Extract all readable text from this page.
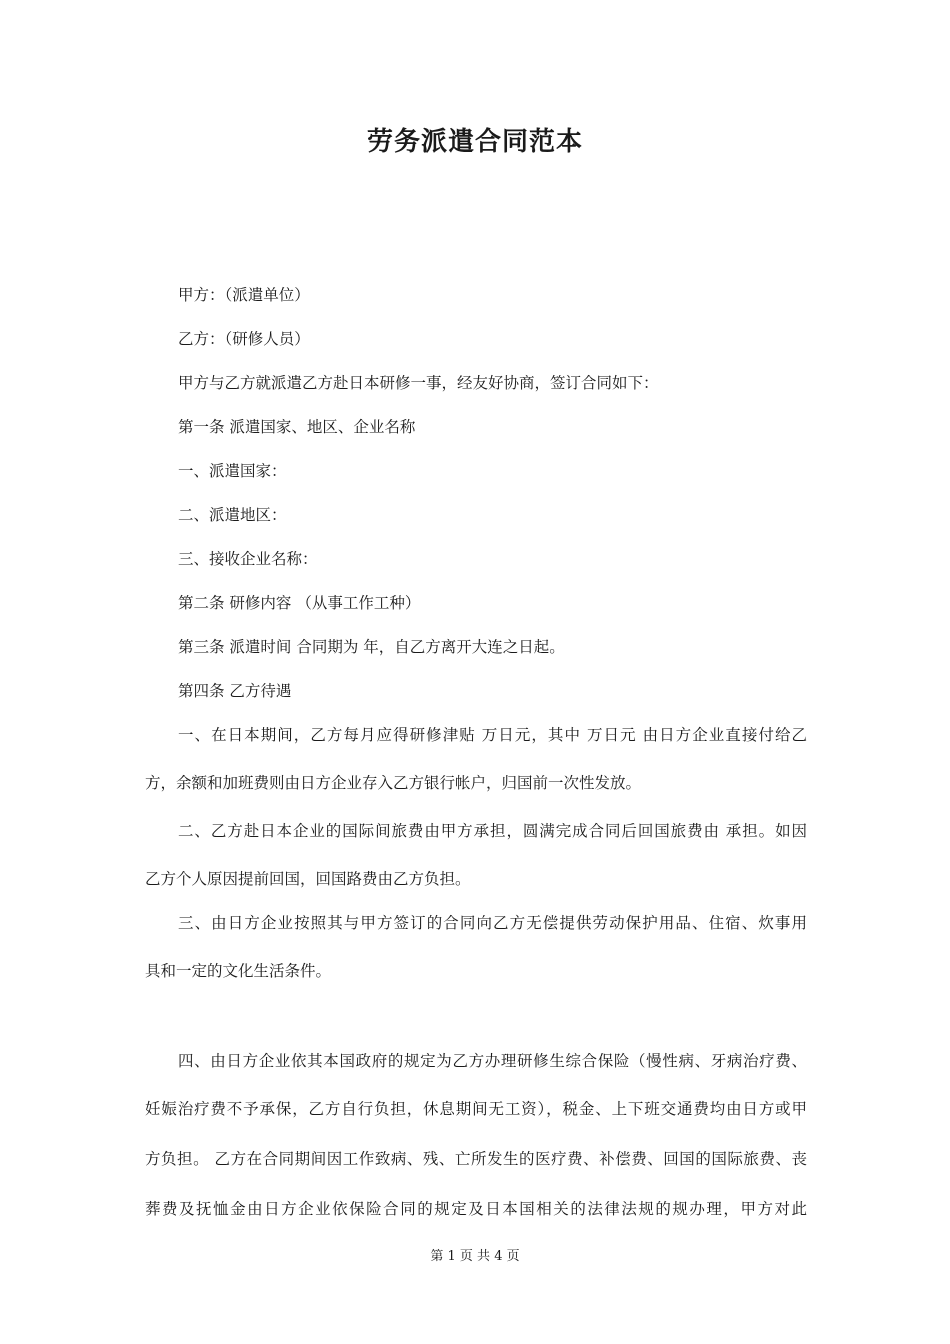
劳务派遣合同范本
甲方：（派遣单位）
乙方：（研修人员）
甲方与乙方就派遣乙方赴日本研修一事，经友好协商，签订合同如下：
第一条 派遣国家、地区、企业名称
一、派遣国家：
二、派遣地区：
三、接收企业名称：
第二条 研修内容 （从事工作工种）
第三条 派遣时间 合同期为 年，自乙方离开大连之日起。
第四条 乙方待遇
一、在日本期间，乙方每月应得研修津贴 万日元，其中 万日元 由日方企业直接付给乙
方，余额和加班费则由日方企业存入乙方银行帐户，归国前一次性发放。
二、乙方赴日本企业的国际间旅费由甲方承担，圆满完成合同后回国旅费由 承担。如因
乙方个人原因提前回国，回国路费由乙方负担。
三、由日方企业按照其与甲方签订的合同向乙方无偿提供劳动保护用品、住宿、炊事用
具和一定的文化生活条件。
四、由日方企业依其本国政府的规定为乙方办理研修生综合保险（慢性病、牙病治疗费、
妊娠治疗费不予承保，乙方自行负担，休息期间无工资），税金、上下班交通费均由日方或甲
方负担。 乙方在合同期间因工作致病、残、亡所发生的医疗费、补偿费、回国的国际旅费、丧
葬费及抚恤金由日方企业依保险合同的规定及日本国相关的法律法规的规办理，甲方对此
第 1 页 共 4 页
